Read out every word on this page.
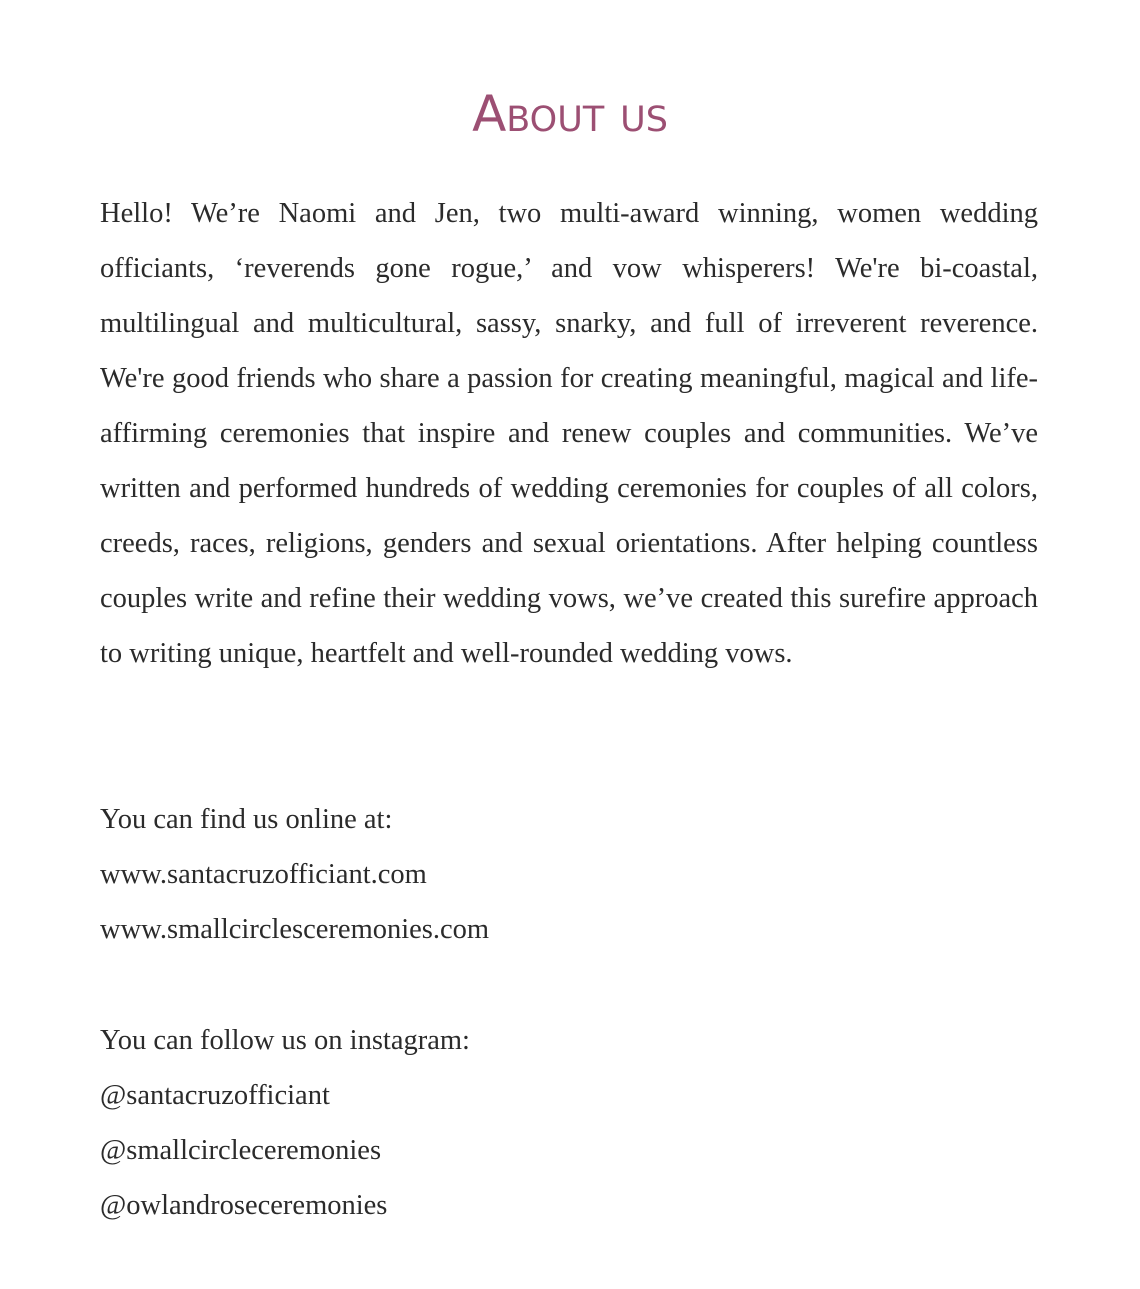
About us

Hello! We’re Naomi and Jen, two multi-award winning, women wedding officiants, ‘reverends gone rogue,’ and vow whisperers! We're bi-coastal, multilingual and multicultural, sassy, snarky, and full of irreverent reverence. We're good friends who share a passion for creating meaningful, magical and life-affirming ceremonies that inspire and renew couples and communities. We’ve written and performed hundreds of wedding ceremonies for couples of all colors, creeds, races, religions, genders and sexual orientations. After helping countless couples write and refine their wedding vows, we’ve created this surefire approach to writing unique, heartfelt and well-rounded wedding vows.

You can find us online at:
www.santacruzofficiant.com
www.smallcirclesceremonies.com
You can follow us on instagram:
@santacruzofficiant
@smallcircleceremonies
@owlandroseceremonies
